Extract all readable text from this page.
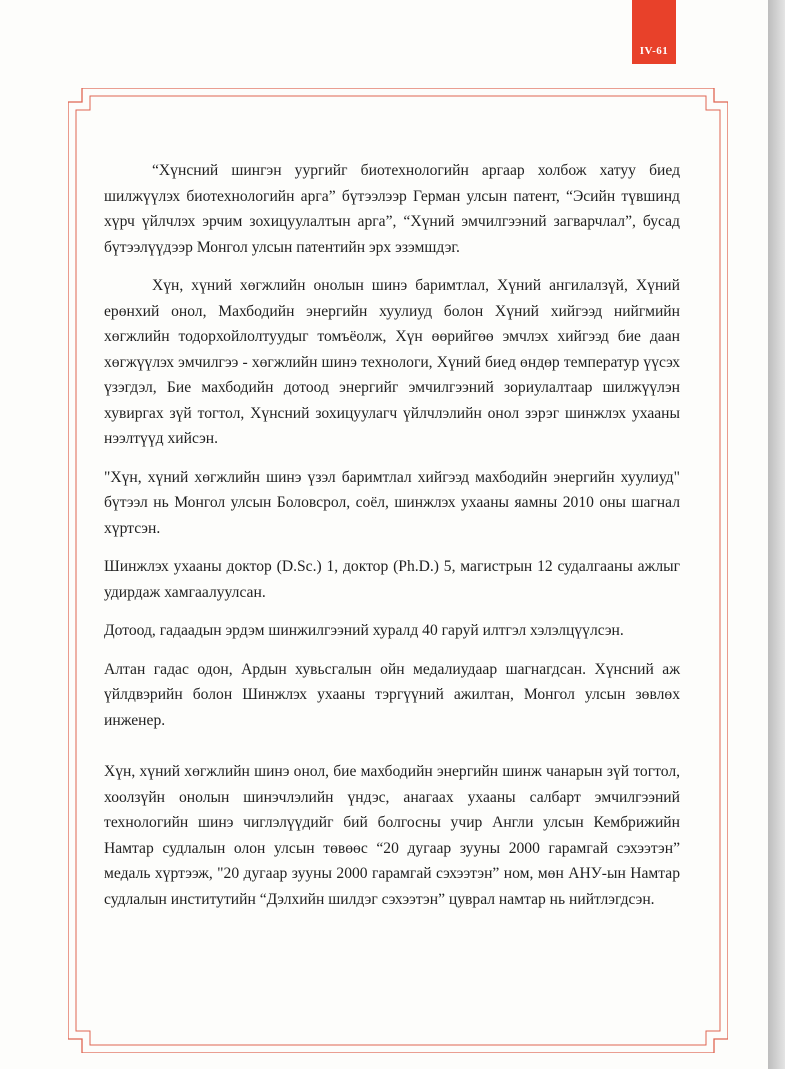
IV-61

“Хүнсний шингэн уургийг биотехнологийн аргаар холбож хатуу биед шилжүүлэх биотехнологийн арга” бүтээлээр Герман улсын патент, “Эсийн түвшинд хүрч үйлчлэх эрчим зохицуулалтын арга”, “Хүний эмчилгээний загварчлал”, бусад бүтээлүүдээр Монгол улсын патентийн эрх эзэмшдэг.

Хүн, хүний хөгжлийн онолын шинэ баримтлал, Хүний ангилалзүй, Хүний ерөнхий онол, Махбодийн энергийн хуулиуд болон Хүний хийгээд нийгмийн хөгжлийн тодорхойлолтуудыг томъёолж, Хүн өөрийгөө эмчлэх хийгээд бие даан хөгжүүлэх эмчилгээ - хөгжлийн шинэ технологи, Хүний биед өндөр температур үүсэх үзэгдэл, Бие махбодийн дотоод энергийг эмчилгээний зориулалтаар шилжүүлэн хувиргах зүй тогтол, Хүнсний зохицуулагч үйлчлэлийн онол зэрэг шинжлэх ухааны нээлтүүд хийсэн.

"Хүн, хүний хөгжлийн шинэ үзэл баримтлал хийгээд махбодийн энергийн хуулиуд" бүтээл нь Монгол улсын Боловсрол, соёл, шинжлэх ухааны яамны 2010 оны шагнал хүртсэн.

Шинжлэх ухааны доктор (D.Sc.) 1, доктор (Ph.D.) 5, магистрын 12 судалгааны ажлыг удирдаж хамгаалуулсан.

Дотоод, гадаадын эрдэм шинжилгээний хуралд 40 гаруй илтгэл хэлэлцүүлсэн.

Алтан гадас одон, Ардын хувьсгалын ойн медалиудаар шагнагдсан. Хүнсний аж үйлдвэрийн болон Шинжлэх ухааны тэргүүний ажилтан, Монгол улсын зөвлөх инженер.

Хүн, хүний хөгжлийн шинэ онол, бие махбодийн энергийн шинж чанарын зүй тогтол, хоолзүйн онолын шинэчлэлийн үндэс, анагаах ухааны салбарт эмчилгээний технологийн шинэ чиглэлүүдийг бий болгосны учир Англи улсын Кембрижийн Намтар судлалын олон улсын төвөөс “20 дугаар зууны 2000 гарамгай сэхээтэн” медаль хүртээж, "20 дугаар зууны 2000 гарамгай сэхээтэн” ном, мөн АНУ-ын Намтар судлалын институтийн “Дэлхийн шилдэг сэхээтэн” цуврал намтар нь нийтлэгдсэн.
